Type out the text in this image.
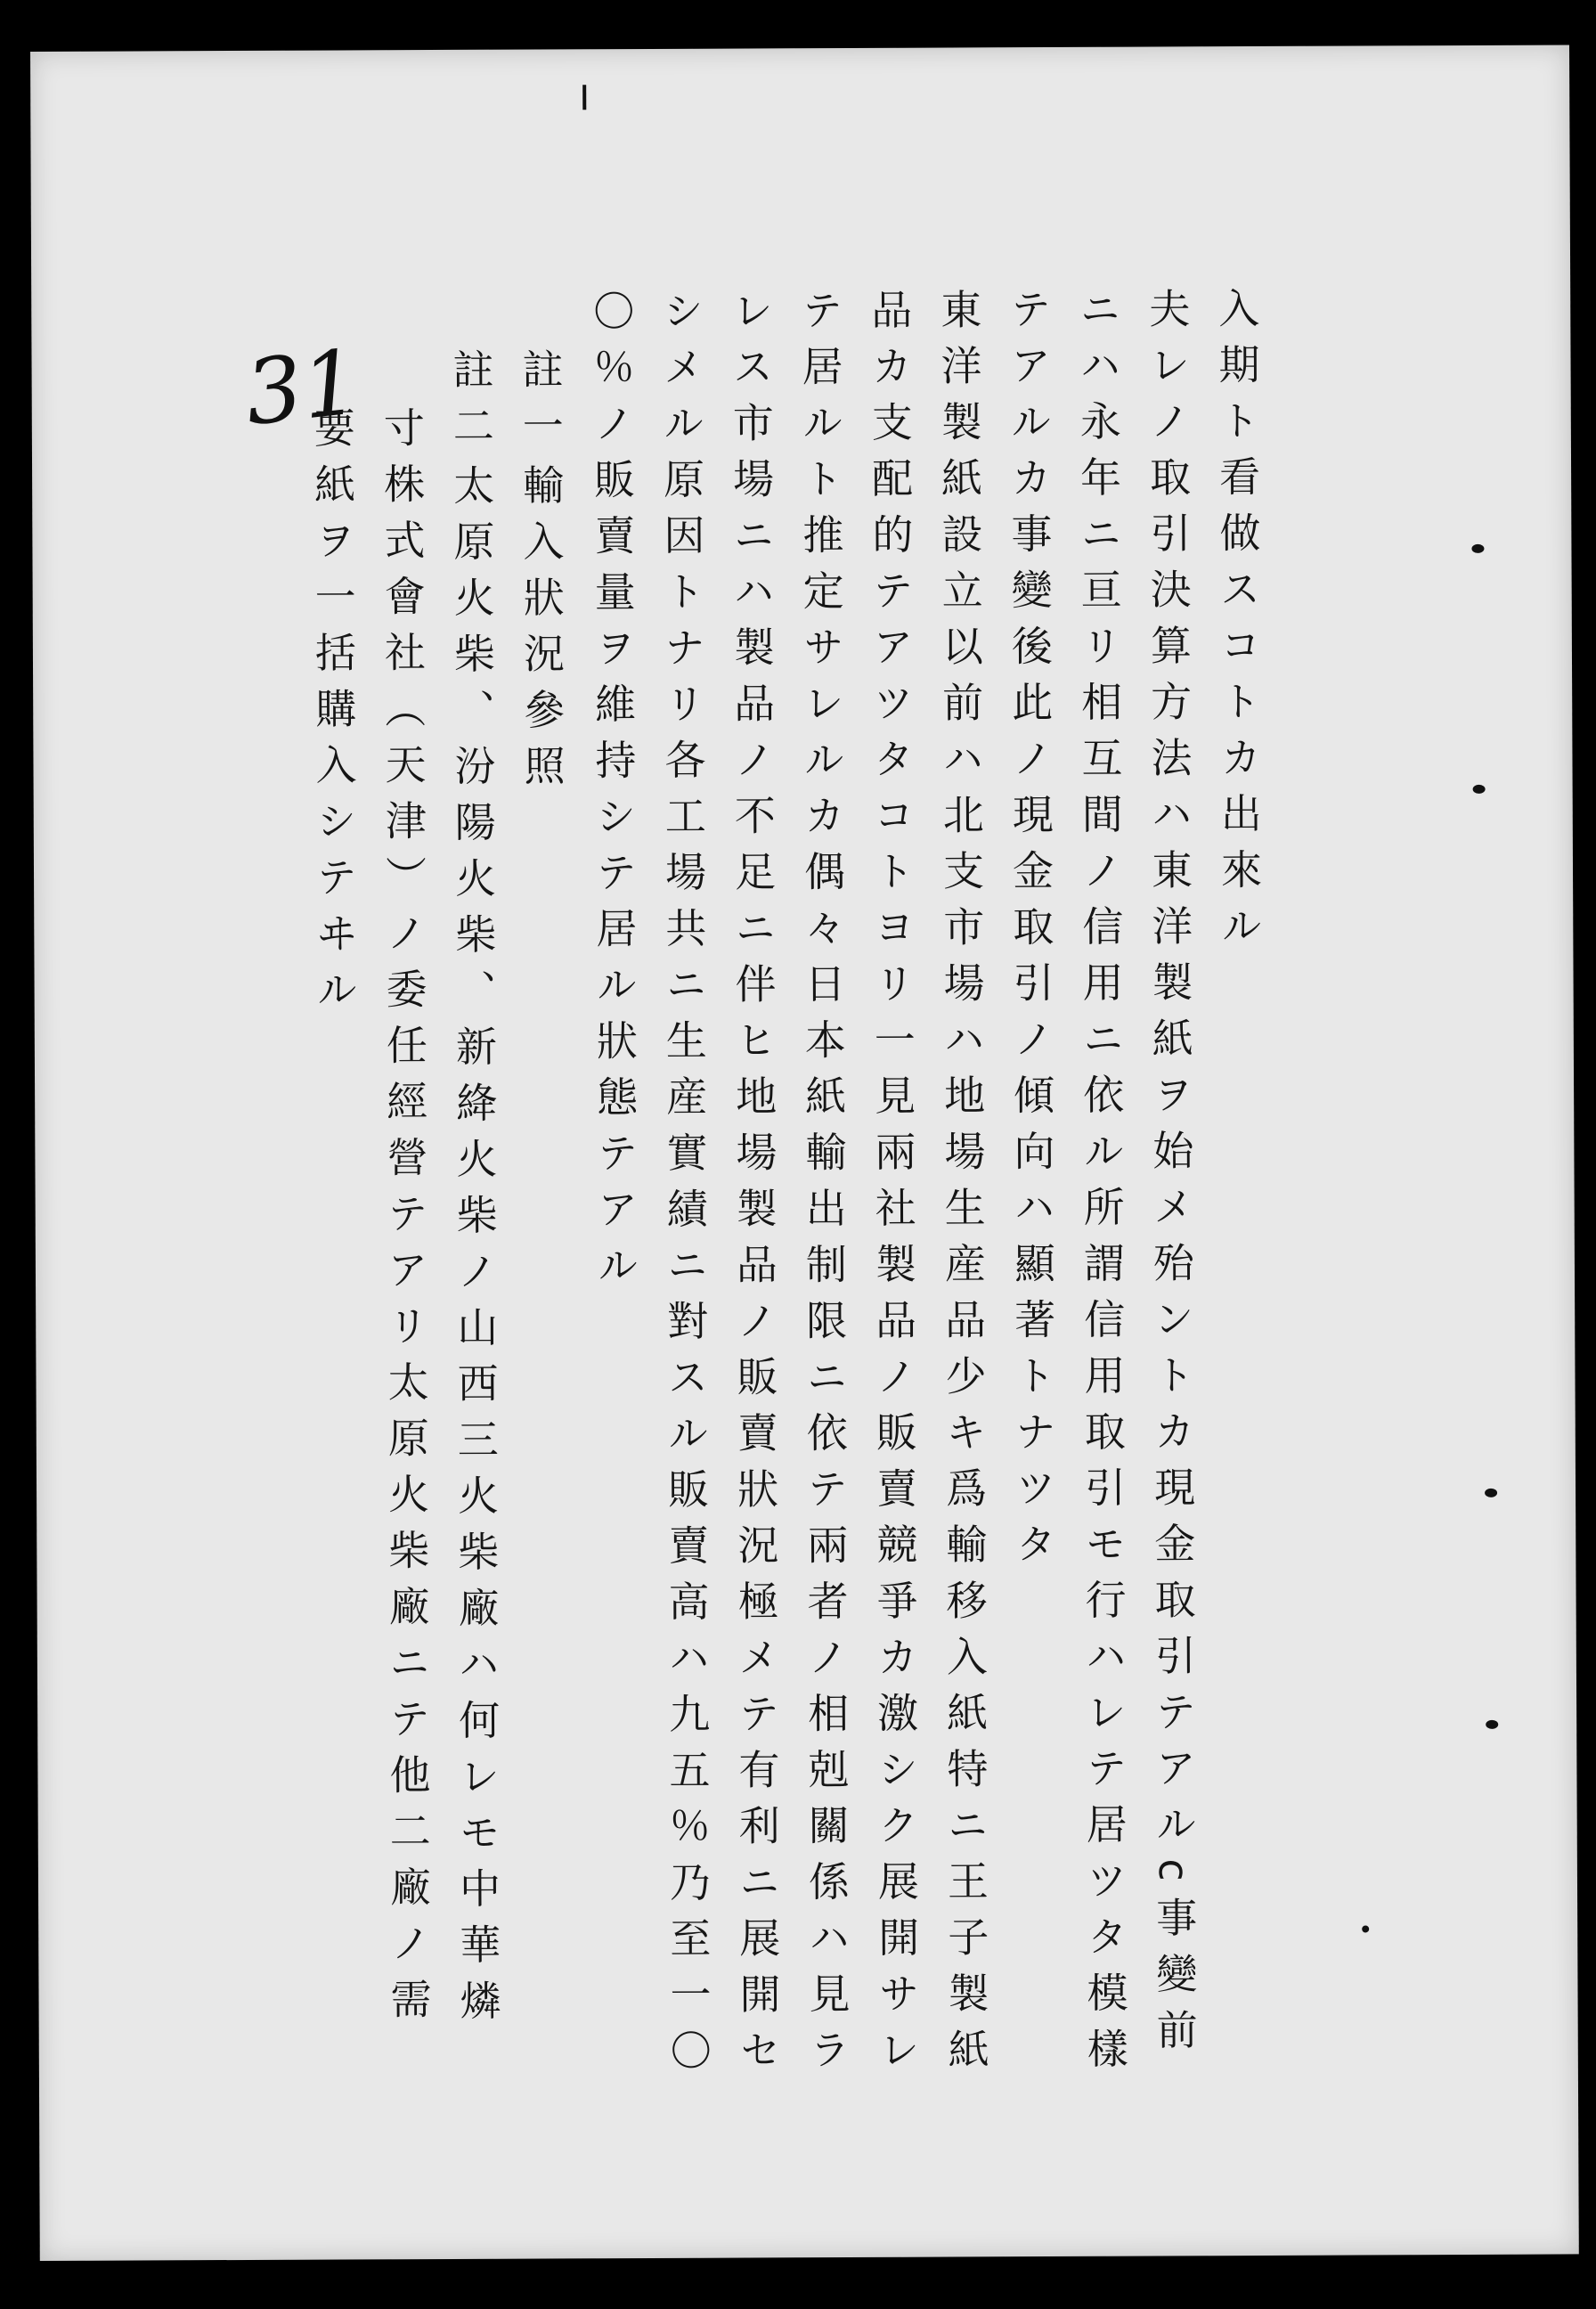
31	入期ト看做スコトカ出來ル
夫レノ取引決算方法ハ東洋製紙ヲ始メ殆ントカ現金取引テアルc事變前
ニハ永年ニ亘リ相互間ノ信用ニ依ル所謂信用取引モ行ハレテ居ツタ模樣
テアルカ事變後此ノ現金取引ノ傾向ハ顯著トナツタ
東洋製紙設立以前ハ北支市場ハ地場生産品少キ爲輸移入紙特ニ王子製紙
品カ支配的テアツタコトヨリ一見兩社製品ノ販賣競爭カ激シク展開サレ
テ居ルト推定サレルカ偶々日本紙輸出制限ニ依テ兩者ノ相剋關係ハ見ラ
レス市場ニハ製品ノ不足ニ伴ヒ地場製品ノ販賣狀況極メテ有利ニ展開セ
シメル原因トナリ各工場共ニ生産實績ニ對スル販賣高ハ九五％乃至一〇
〇％ノ販賣量ヲ維持シテ居ル狀態テアル
註一
輸入狀況參照
註二
太原火柴、汾陽火柴、新絳火柴ノ山西三火柴廠ハ何レモ中華燐
寸株式會社（天津）ノ委任經營テアリ太原火柴廠ニテ他二廠ノ需
要紙ヲ一括購入シテヰル
